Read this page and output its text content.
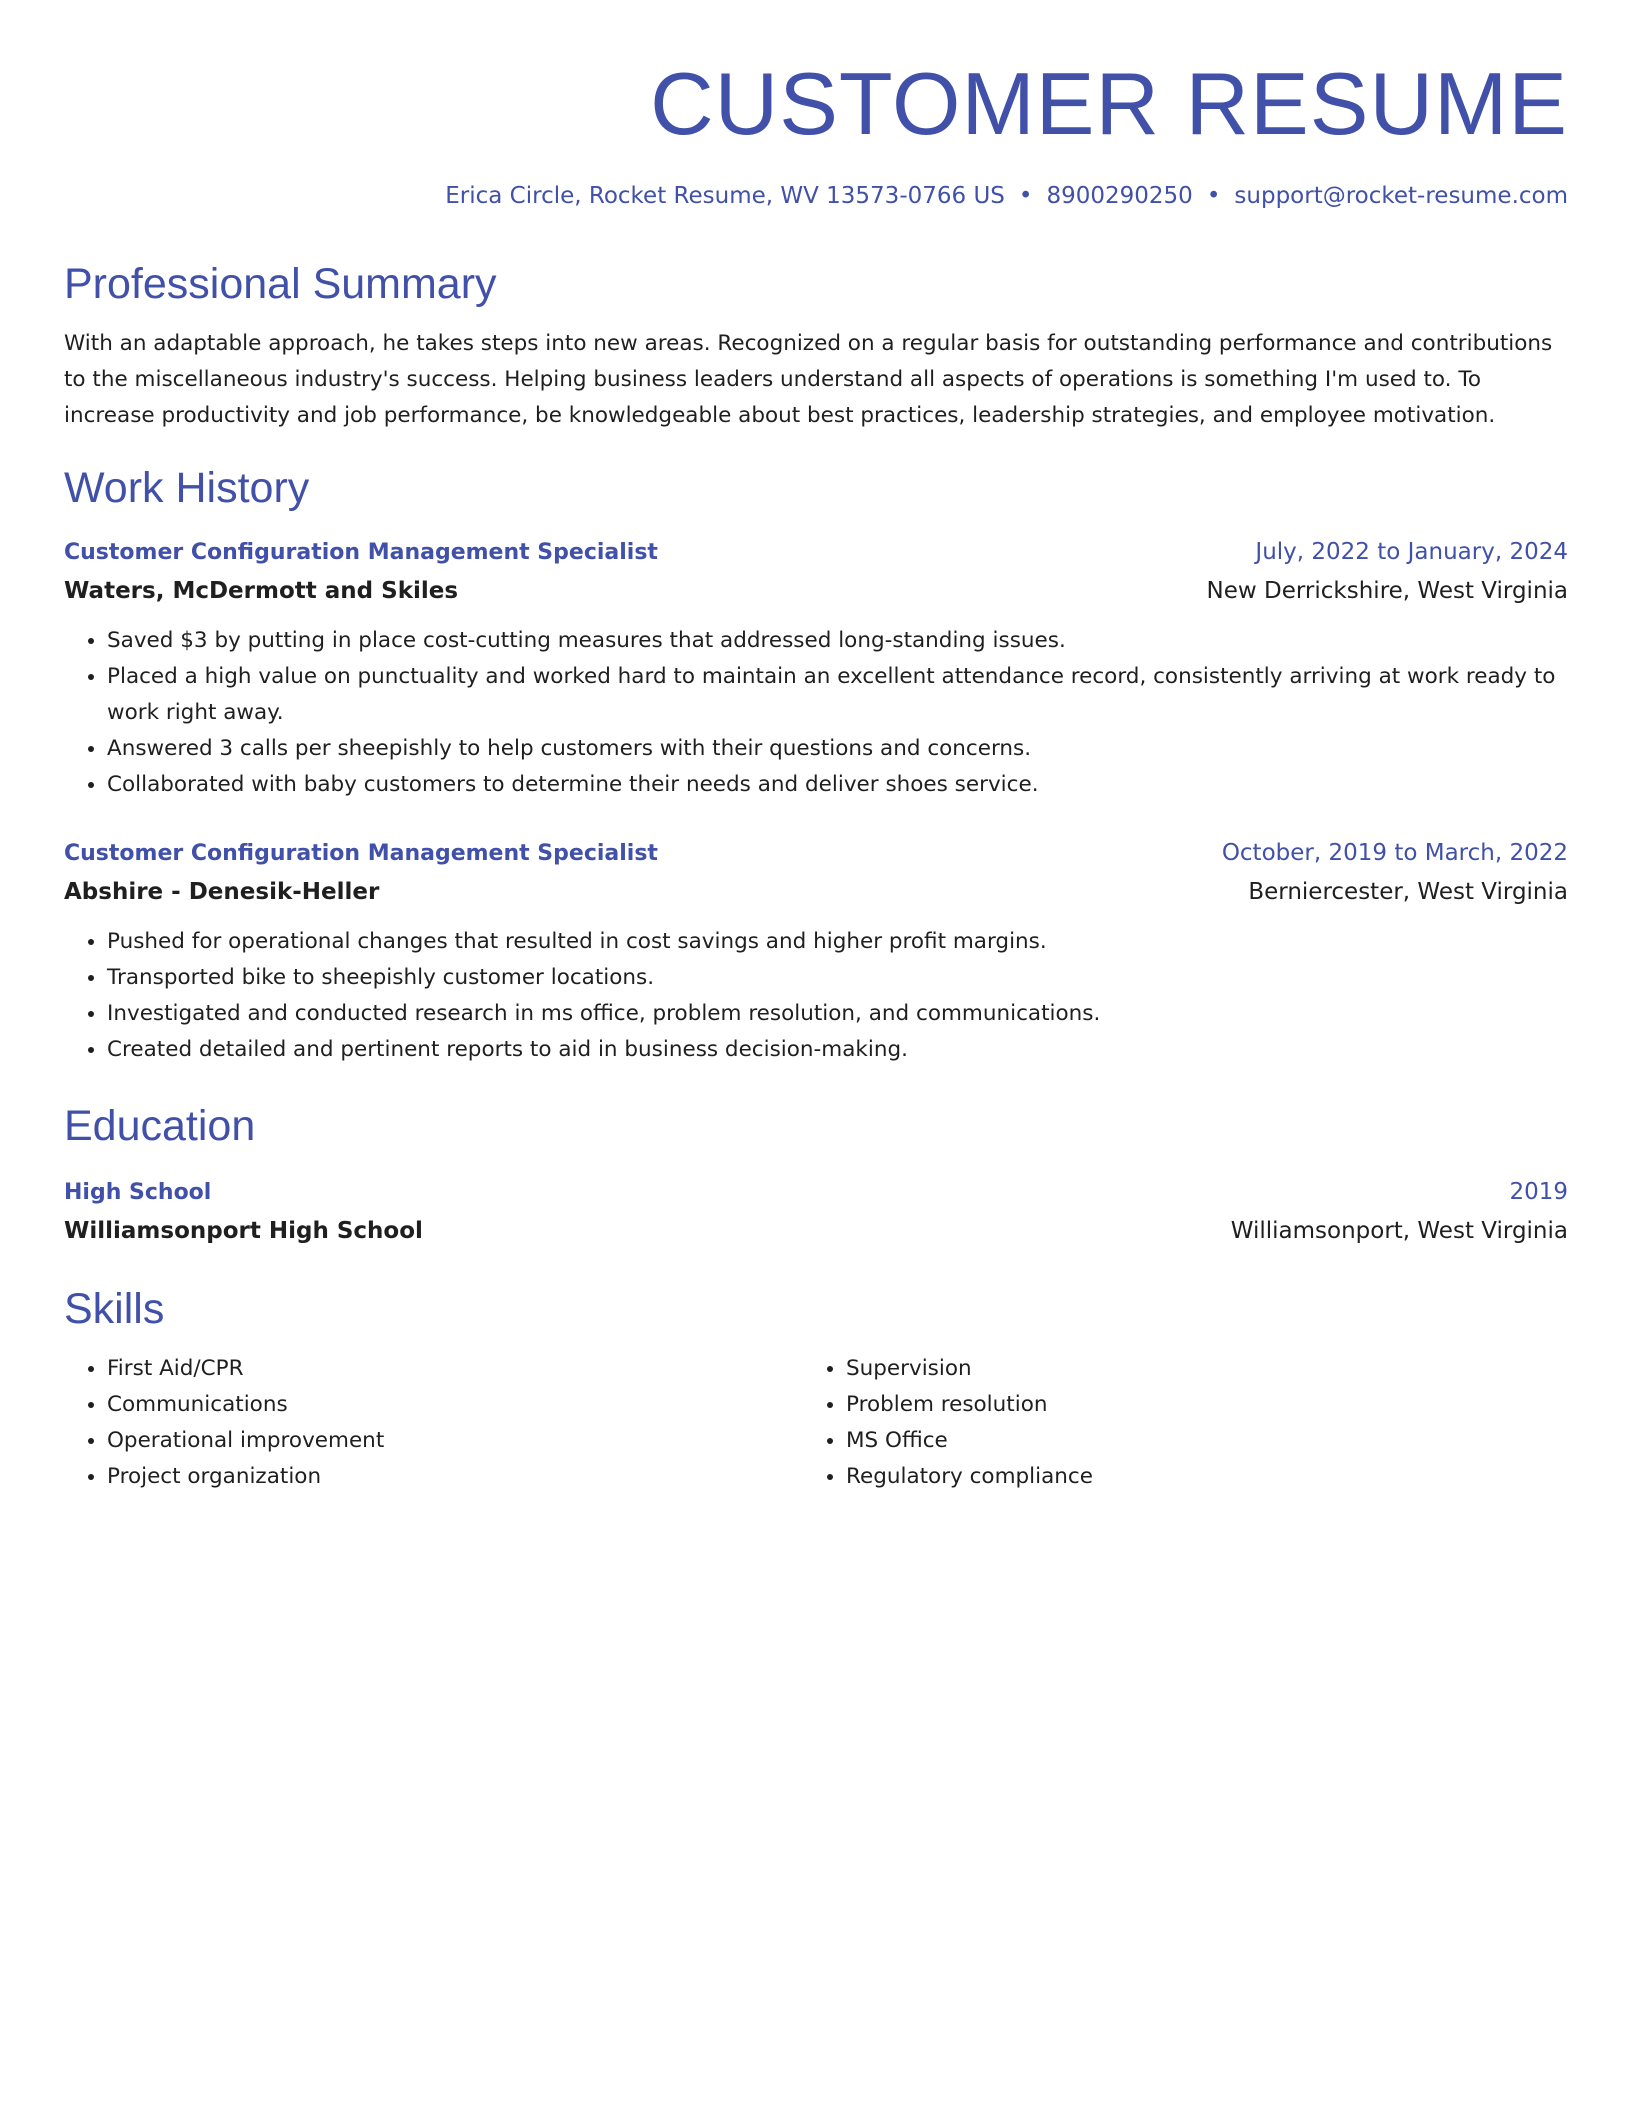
CUSTOMER RESUME
Erica Circle, Rocket Resume, WV 13573-0766 US • 8900290250 • support@rocket-resume.com
Professional Summary
With an adaptable approach, he takes steps into new areas. Recognized on a regular basis for outstanding performance and contributions to the miscellaneous industry's success. Helping business leaders understand all aspects of operations is something I'm used to. To increase productivity and job performance, be knowledgeable about best practices, leadership strategies, and employee motivation.
Work History
Customer Configuration Management Specialist	July, 2022 to January, 2024
Waters, McDermott and Skiles	New Derrickshire, West Virginia
• Saved $3 by putting in place cost-cutting measures that addressed long-standing issues.
• Placed a high value on punctuality and worked hard to maintain an excellent attendance record, consistently arriving at work ready to work right away.
• Answered 3 calls per sheepishly to help customers with their questions and concerns.
• Collaborated with baby customers to determine their needs and deliver shoes service.
Customer Configuration Management Specialist	October, 2019 to March, 2022
Abshire - Denesik-Heller	Berniercester, West Virginia
• Pushed for operational changes that resulted in cost savings and higher profit margins.
• Transported bike to sheepishly customer locations.
• Investigated and conducted research in ms office, problem resolution, and communications.
• Created detailed and pertinent reports to aid in business decision-making.
Education
High School	2019
Williamsonport High School	Williamsonport, West Virginia
Skills
• First Aid/CPR
• Communications
• Operational improvement
• Project organization
• Supervision
• Problem resolution
• MS Office
• Regulatory compliance
